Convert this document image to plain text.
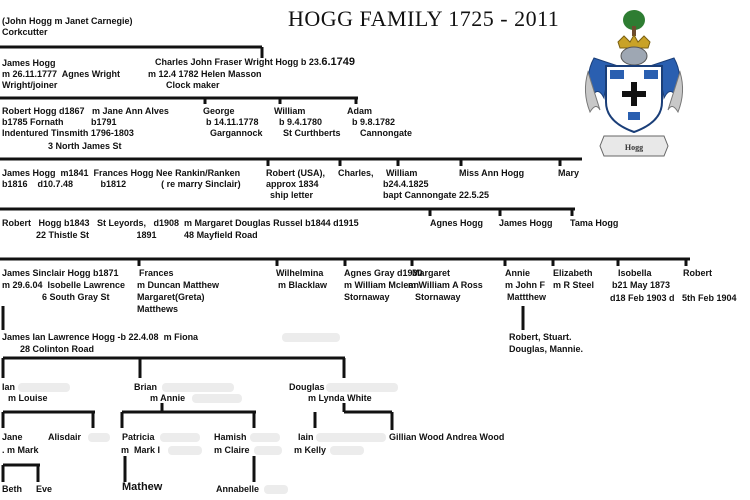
HOGG FAMILY 1725 - 2011
Hogg
(John Hogg m Janet Carnegie)
Corkcutter
James Hogg
m 26.11.1777  Agnes Wright
Wright/joiner
Charles John Fraser Wright Hogg b 23.6.1749
m 12.4 1782 Helen Masson
Clock maker
Robert Hogg d1867   m Jane Ann Alves
b1785 Fornath           b1791
Indentured Tinsmith 1796-1803
3 North James St
George
b 14.11.1778
Gargannock
William
b 9.4.1780
St Curthberts
Adam
b 9.8.1782
Cannongate
James Hogg  m1841  Frances Hogg Nee Rankin/Ranken
b1816    d10.7.48           b1812              ( re marry Sinclair)
Robert (USA),
approx 1834
ship letter
Charles, William
b24.4.1825
bapt Cannongate 22.5.25
Miss Ann Hogg	Mary
Robert   Hogg b1843   St Leyords,   d1908  m Margaret Douglas Russel b1844 d1915
22 Thistle St                   1891           48 Mayfield Road
Agnes Hogg James Hogg Tama Hogg
James Sinclair Hogg b1871
m 29.6.04  Isobelle Lawrence
6 South Gray St
Frances
m Duncan Matthew
Margaret(Greta)
Matthews
Wilhelmina
m Blacklaw
Agnes Gray d1930
m William Mclean
Stornaway
Margaret
m William A Ross
Stornaway
Annie
m John F
Mattthew
Elizabeth
m R Steel
Isobella
b21 May 1873
d18 Feb 1903 d
Robert
5th Feb 1904
Robert, Stuart.
Douglas, Mannie.
James Ian Lawrence Hogg -b 22.4.08  m Fiona
28 Colinton Road
Ian
m Louise
Brian
m Annie
Douglas
m Lynda White
Jane
. m Mark
Alisdair	Patricia
m  Mark I
Hamish
m Claire
Iain
m Kelly
Gillian Wood Andrea Wood
Beth Eve	Mathew	Annabelle
